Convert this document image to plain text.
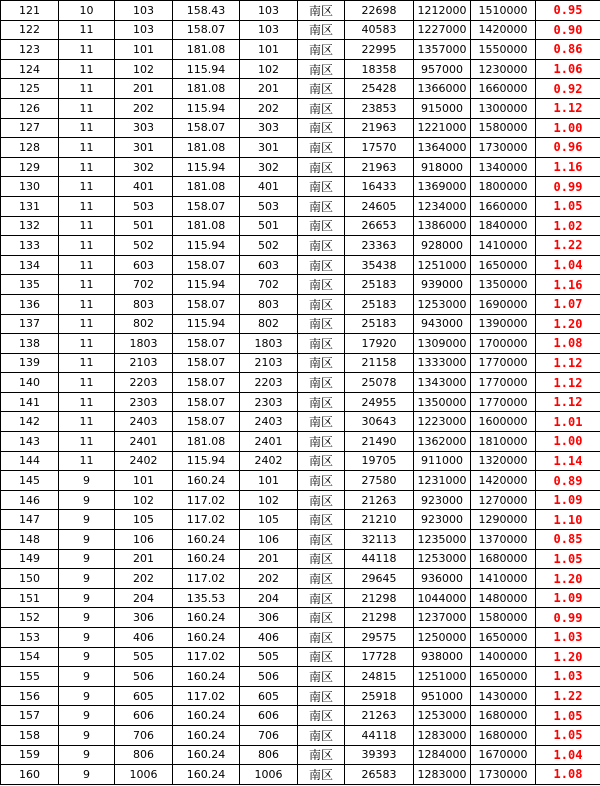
121	10	103	158.43	103	南区	22698	1212000	1510000	0.95
122	11	103	158.07	103	南区	40583	1227000	1420000	0.90
123	11	101	181.08	101	南区	22995	1357000	1550000	0.86
124	11	102	115.94	102	南区	18358	957000	1230000	1.06
125	11	201	181.08	201	南区	25428	1366000	1660000	0.92
126	11	202	115.94	202	南区	23853	915000	1300000	1.12
127	11	303	158.07	303	南区	21963	1221000	1580000	1.00
128	11	301	181.08	301	南区	17570	1364000	1730000	0.96
129	11	302	115.94	302	南区	21963	918000	1340000	1.16
130	11	401	181.08	401	南区	16433	1369000	1800000	0.99
131	11	503	158.07	503	南区	24605	1234000	1660000	1.05
132	11	501	181.08	501	南区	26653	1386000	1840000	1.02
133	11	502	115.94	502	南区	23363	928000	1410000	1.22
134	11	603	158.07	603	南区	35438	1251000	1650000	1.04
135	11	702	115.94	702	南区	25183	939000	1350000	1.16
136	11	803	158.07	803	南区	25183	1253000	1690000	1.07
137	11	802	115.94	802	南区	25183	943000	1390000	1.20
138	11	1803	158.07	1803	南区	17920	1309000	1700000	1.08
139	11	2103	158.07	2103	南区	21158	1333000	1770000	1.12
140	11	2203	158.07	2203	南区	25078	1343000	1770000	1.12
141	11	2303	158.07	2303	南区	24955	1350000	1770000	1.12
142	11	2403	158.07	2403	南区	30643	1223000	1600000	1.01
143	11	2401	181.08	2401	南区	21490	1362000	1810000	1.00
144	11	2402	115.94	2402	南区	19705	911000	1320000	1.14
145	9	101	160.24	101	南区	27580	1231000	1420000	0.89
146	9	102	117.02	102	南区	21263	923000	1270000	1.09
147	9	105	117.02	105	南区	21210	923000	1290000	1.10
148	9	106	160.24	106	南区	32113	1235000	1370000	0.85
149	9	201	160.24	201	南区	44118	1253000	1680000	1.05
150	9	202	117.02	202	南区	29645	936000	1410000	1.20
151	9	204	135.53	204	南区	21298	1044000	1480000	1.09
152	9	306	160.24	306	南区	21298	1237000	1580000	0.99
153	9	406	160.24	406	南区	29575	1250000	1650000	1.03
154	9	505	117.02	505	南区	17728	938000	1400000	1.20
155	9	506	160.24	506	南区	24815	1251000	1650000	1.03
156	9	605	117.02	605	南区	25918	951000	1430000	1.22
157	9	606	160.24	606	南区	21263	1253000	1680000	1.05
158	9	706	160.24	706	南区	44118	1283000	1680000	1.05
159	9	806	160.24	806	南区	39393	1284000	1670000	1.04
160	9	1006	160.24	1006	南区	26583	1283000	1730000	1.08
